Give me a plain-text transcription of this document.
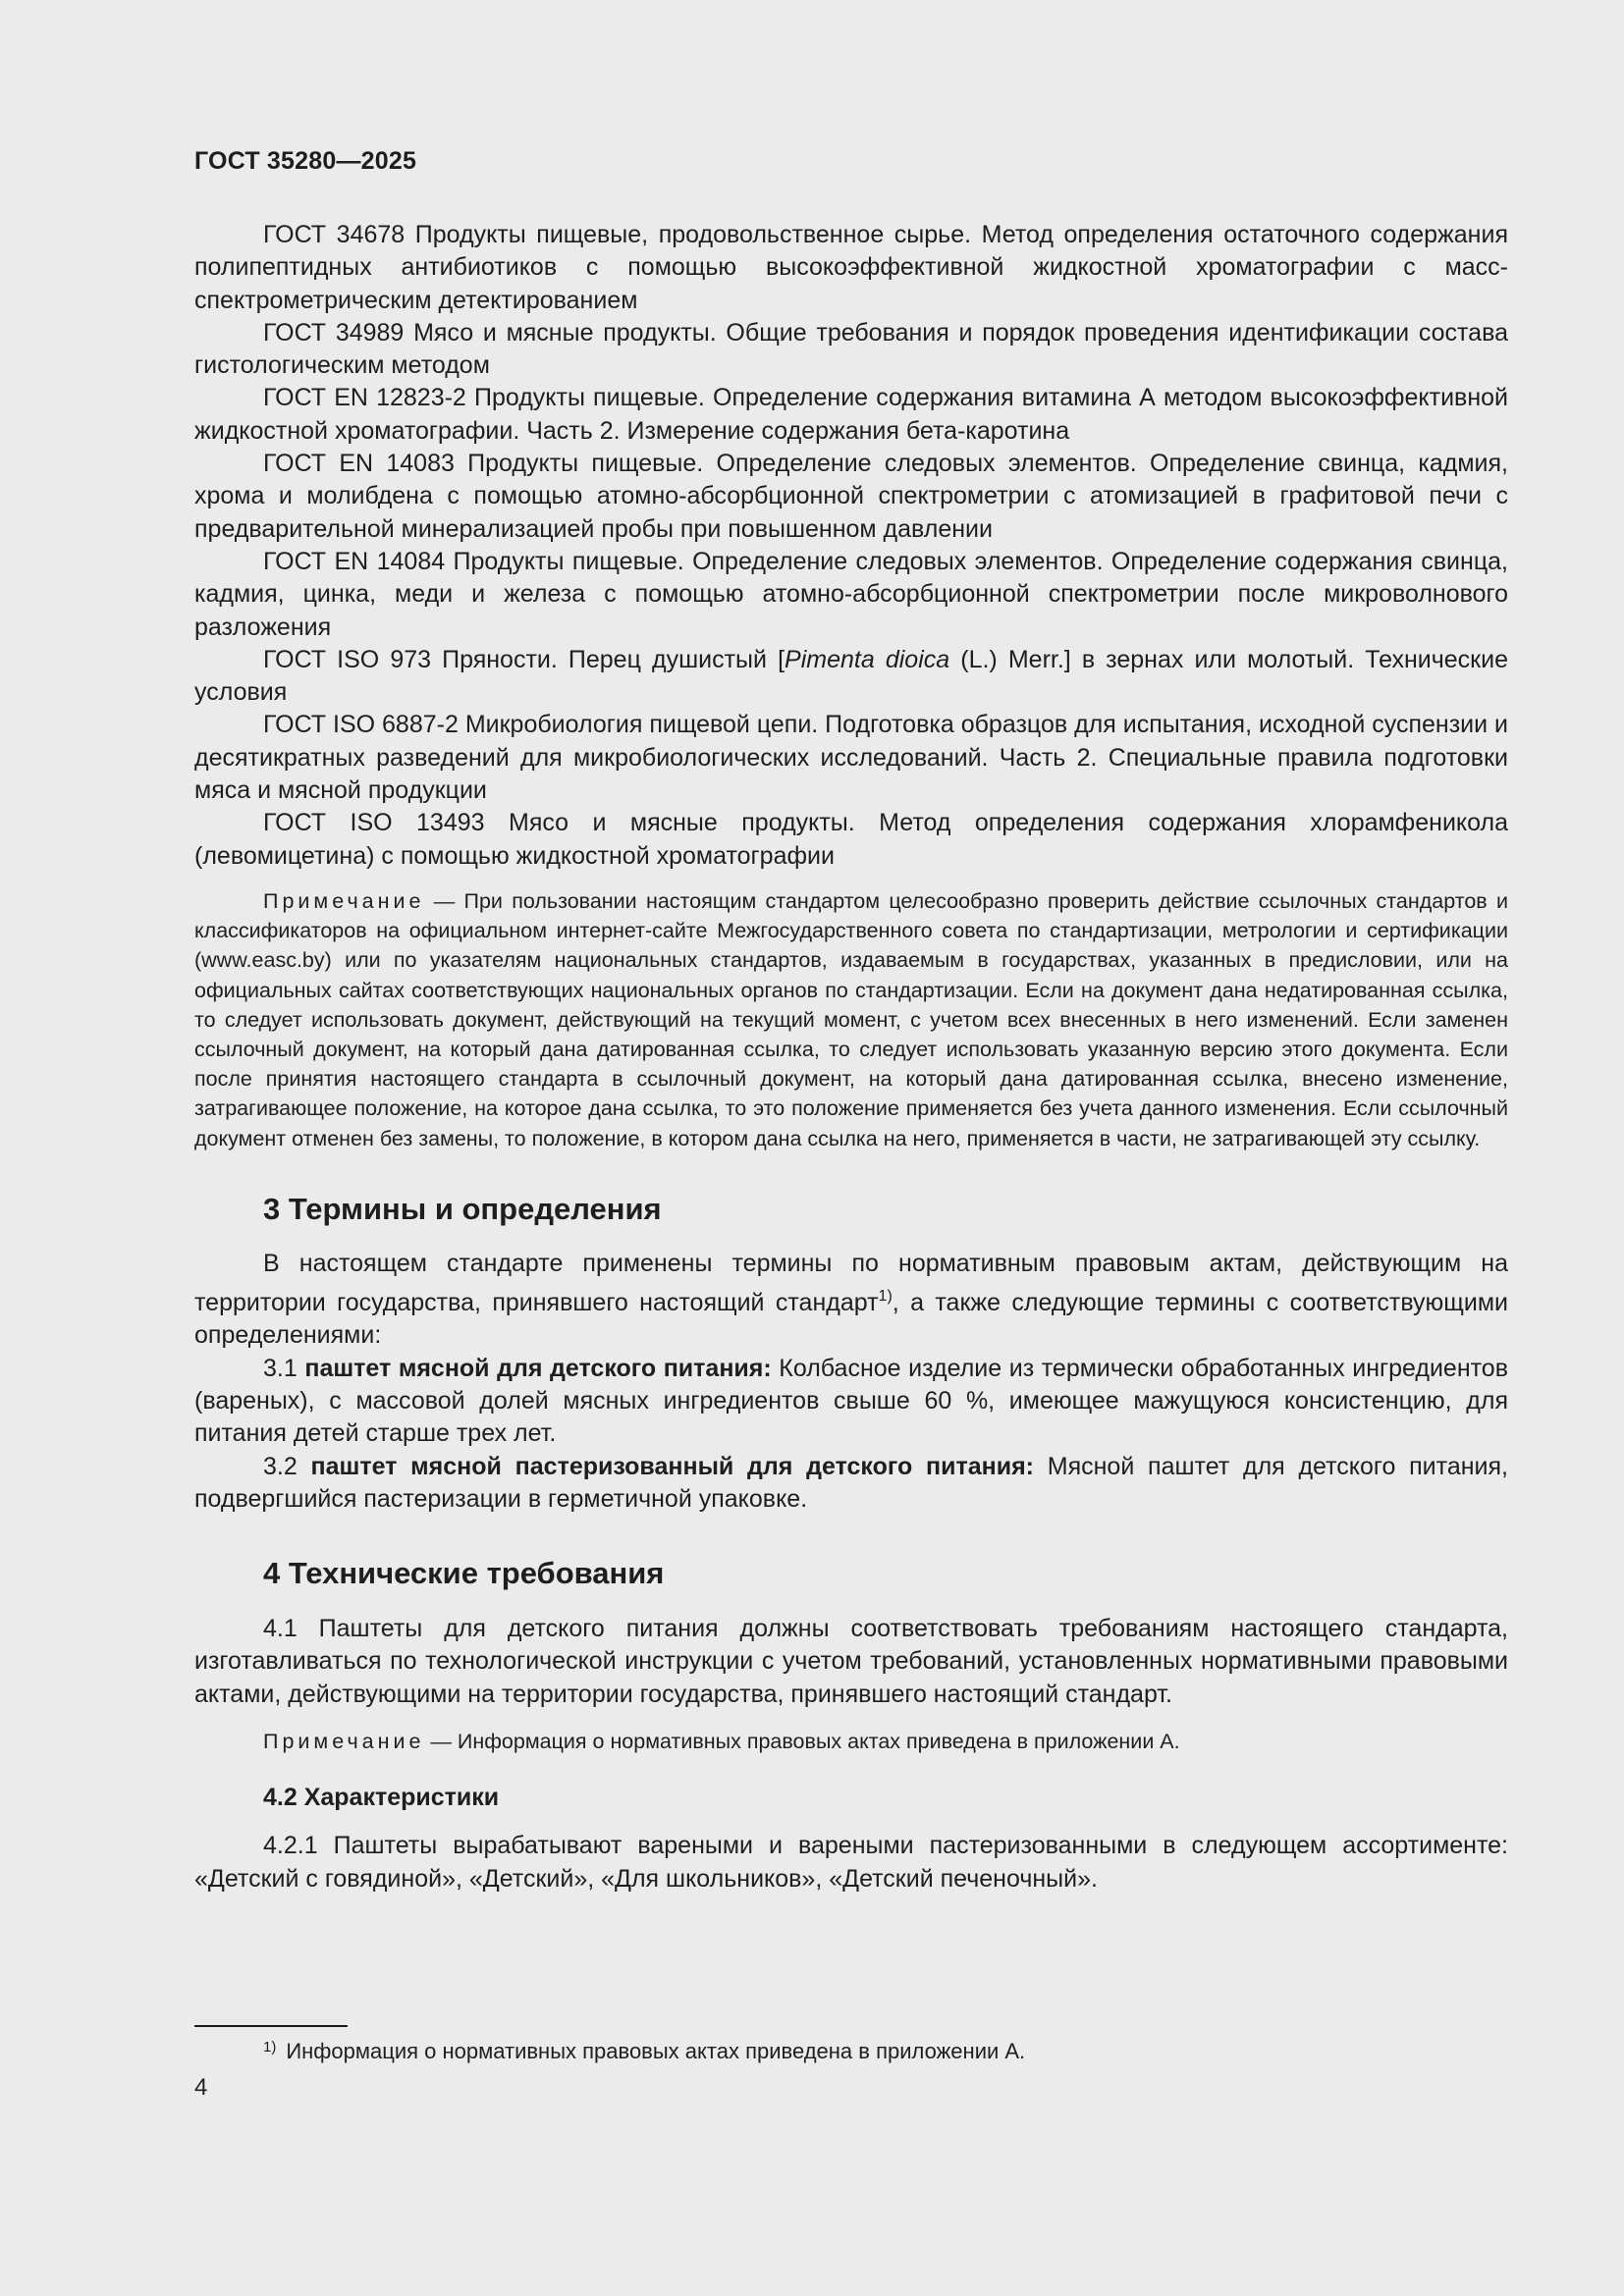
ГОСТ 35280—2025

ГОСТ 34678 Продукты пищевые, продовольственное сырье. Метод определения остаточного содержания полипептидных антибиотиков с помощью высокоэффективной жидкостной хроматографии с масс-спектрометрическим детектированием

ГОСТ 34989 Мясо и мясные продукты. Общие требования и порядок проведения идентификации состава гистологическим методом

ГОСТ EN 12823-2 Продукты пищевые. Определение содержания витамина А методом высокоэффективной жидкостной хроматографии. Часть 2. Измерение содержания бета-каротина

ГОСТ EN 14083 Продукты пищевые. Определение следовых элементов. Определение свинца, кадмия, хрома и молибдена с помощью атомно-абсорбционной спектрометрии с атомизацией в графитовой печи с предварительной минерализацией пробы при повышенном давлении

ГОСТ EN 14084 Продукты пищевые. Определение следовых элементов. Определение содержания свинца, кадмия, цинка, меди и железа с помощью атомно-абсорбционной спектрометрии после микроволнового разложения

ГОСТ ISO 973 Пряности. Перец душистый [Pimenta dioica (L.) Merr.] в зернах или молотый. Технические условия

ГОСТ ISO 6887-2 Микробиология пищевой цепи. Подготовка образцов для испытания, исходной суспензии и десятикратных разведений для микробиологических исследований. Часть 2. Специальные правила подготовки мяса и мясной продукции

ГОСТ ISO 13493 Мясо и мясные продукты. Метод определения содержания хлорамфеникола (левомицетина) с помощью жидкостной хроматографии

Примечание — При пользовании настоящим стандартом целесообразно проверить действие ссылочных стандартов и классификаторов на официальном интернет-сайте Межгосударственного совета по стандартизации, метрологии и сертификации (www.easc.by) или по указателям национальных стандартов, издаваемым в государствах, указанных в предисловии, или на официальных сайтах соответствующих национальных органов по стандартизации. Если на документ дана недатированная ссылка, то следует использовать документ, действующий на текущий момент, с учетом всех внесенных в него изменений. Если заменен ссылочный документ, на который дана датированная ссылка, то следует использовать указанную версию этого документа. Если после принятия настоящего стандарта в ссылочный документ, на который дана датированная ссылка, внесено изменение, затрагивающее положение, на которое дана ссылка, то это положение применяется без учета данного изменения. Если ссылочный документ отменен без замены, то положение, в котором дана ссылка на него, применяется в части, не затрагивающей эту ссылку.

3 Термины и определения

В настоящем стандарте применены термины по нормативным правовым актам, действующим на территории государства, принявшего настоящий стандарт$^{1)}$, а также следующие термины с соответствующими определениями:

3.1 паштет мясной для детского питания: Колбасное изделие из термически обработанных ингредиентов (вареных), с массовой долей мясных ингредиентов свыше 60 %, имеющее мажущуюся консистенцию, для питания детей старше трех лет.

3.2 паштет мясной пастеризованный для детского питания: Мясной паштет для детского питания, подвергшийся пастеризации в герметичной упаковке.

4 Технические требования

4.1 Паштеты для детского питания должны соответствовать требованиям настоящего стандарта, изготавливаться по технологической инструкции с учетом требований, установленных нормативными правовыми актами, действующими на территории государства, принявшего настоящий стандарт.

Примечание — Информация о нормативных правовых актах приведена в приложении А.

4.2 Характеристики

4.2.1 Паштеты вырабатывают вареными и вареными пастеризованными в следующем ассортименте: «Детский с говядиной», «Детский», «Для школьников», «Детский печеночный».

$^{1)}$ Информация о нормативных правовых актах приведена в приложении А.
4
